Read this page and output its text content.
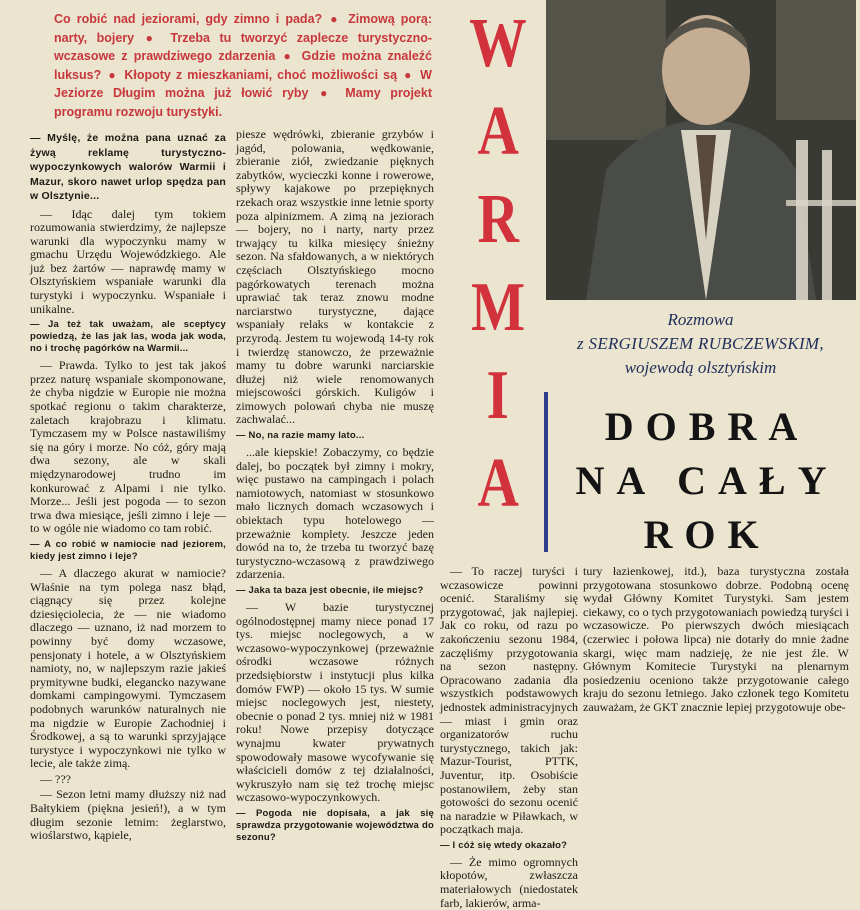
Co robić nad jeziorami, gdy zimno i pada? ● Zimową porą: narty, bojery ● Trzeba tu tworzyć zaplecze turystyczno-wczasowe z prawdziwego zdarzenia ● Gdzie można znaleźć luksus? ● Kłopoty z mieszkaniami, choć możliwości są ● W Jeziorze Długim można już łowić ryby ● Mamy projekt programu rozwoju turystyki.

W
A
R
M
I
A
Rozmowa
z SERGIUSZEM RUBCZEWSKIM,
wojewodą olsztyńskim
DOBRA
NA CAŁY
ROK

— Myślę, że można pana uznać za żywą reklamę turystyczno-wypoczynkowych walorów Warmii i Mazur, skoro nawet urlop spędza pan w Olsztynie...

— Idąc dalej tym tokiem rozumowania stwierdzimy, że najlepsze warunki dla wypoczynku mamy w gmachu Urzędu Wojewódzkiego. Ale już bez żartów — naprawdę mamy w Olsztyńskiem wspaniałe warunki dla turystyki i wypoczynku. Wspaniałe i unikalne.

— Ja też tak uważam, ale sceptycy powiedzą, że las jak las, woda jak woda, no i trochę pagórków na Warmii...

— Prawda. Tylko to jest tak jakoś przez naturę wspaniale skomponowane, że chyba nigdzie w Europie nie można spotkać regionu o takim charakterze, zaletach krajobrazu i klimatu. Tymczasem my w Polsce nastawiliśmy się na góry i morze. No cóż, góry mają dwa sezony, ale w skali międzynarodowej trudno im konkurować z Alpami i nie tylko. Morze... Jeśli jest pogoda — to sezon trwa dwa miesiące, jeśli zimno i leje — to w ogóle nie wiadomo co tam robić.

— A co robić w namiocie nad jeziorem, kiedy jest zimno i leje?

— A dlaczego akurat w namiocie? Właśnie na tym polega nasz błąd, ciągnący się przez kolejne dziesięciolecia, że — nie wiadomo dlaczego — uznano, iż nad morzem to powinny być domy wczasowe, pensjonaty i hotele, a w Olsztyńskiem namioty, no, w najlepszym razie jakieś prymitywne budki, elegancko nazywane domkami campingowymi. Tymczasem podobnych warunków naturalnych nie ma nigdzie w Europie Zachodniej i Środkowej, a są to warunki sprzyjające turystyce i wypoczynkowi nie tylko w lecie, ale także zimą.

— ???

— Sezon letni mamy dłuższy niż nad Bałtykiem (piękna jesień!), a w tym długim sezonie letnim: żeglarstwo, wioślarstwo, kąpiele,

piesze wędrówki, zbieranie grzybów i jagód, polowania, wędkowanie, zbieranie ziół, zwiedzanie pięknych zabytków, wycieczki konne i rowerowe, spływy kajakowe po przepięknych rzekach oraz wszystkie inne letnie sporty poza alpinizmem. A zimą na jeziorach — bojery, no i narty, narty przez trwający tu kilka miesięcy śnieżny sezon. Na sfałdowanych, a w niektórych częściach Olsztyńskiego mocno pagórkowatych terenach można uprawiać tak teraz znowu modne narciarstwo turystyczne, dające wspaniały relaks w kontakcie z przyrodą. Jestem tu wojewodą 14-ty rok i twierdzę stanowczo, że przeważnie mamy tu dobre warunki narciarskie dłużej niż wiele renomowanych miejscowości górskich. Kuligów i zimowych polowań chyba nie muszę zachwalać...

— No, na razie mamy lato...

...ale kiepskie! Zobaczymy, co będzie dalej, bo początek był zimny i mokry, więc pustawo na campingach i polach namiotowych, natomiast w stosunkowo mało licznych domach wczasowych i obiektach typu hotelowego — przeważnie komplety. Jeszcze jeden dowód na to, że trzeba tu tworzyć bazę turystyczno-wczasową z prawdziwego zdarzenia.

— Jaka ta baza jest obecnie, ile miejsc?

— W bazie turystycznej ogólnodostępnej mamy niece ponad 17 tys. miejsc noclegowych, a w wczasowo-wypoczynkowej (przeważnie ośrodki wczasowe różnych przedsiębiorstw i instytucji plus kilka domów FWP) — około 15 tys. W sumie miejsc noclegowych jest, niestety, obecnie o ponad 2 tys. mniej niż w 1981 roku! Nowe przepisy dotyczące wynajmu kwater prywatnych spowodowały masowe wycofywanie się właścicieli domów z tej działalności, wykruszyło nam się też trochę miejsc wczasowo-wypoczynkowych.

— Pogoda nie dopisała, a jak się sprawdza przygotowanie województwa do sezonu?

— To raczej turyści i wczasowicze powinni ocenić. Staraliśmy się przygotować, jak najlepiej. Jak co roku, od razu po zakończeniu sezonu 1984, zaczęliśmy przygotowania na sezon następny. Opracowano zadania dla wszystkich podstawowych jednostek administracyjnych — miast i gmin oraz organizatorów ruchu turystycznego, takich jak: Mazur-Tourist, PTTK, Juventur, itp. Osobiście postanowiłem, żeby stan gotowości do sezonu ocenić na naradzie w Piławkach, w początkach maja.

— I cóż się wtedy okazało?

— Że mimo ogromnych kłopotów, zwłaszcza materiałowych (niedostatek farb, lakierów, arma-

tury łazienkowej, itd.), baza turystyczna została przygotowana stosunkowo dobrze. Podobną ocenę wydał Główny Komitet Turystyki. Sam jestem ciekawy, co o tych przygotowaniach powiedzą turyści i wczasowicze. Po pierwszych dwóch miesiącach (czerwiec i połowa lipca) nie dotarły do mnie żadne skargi, więc mam nadzieję, że nie jest źle. W Głównym Komitecie Turystyki na plenarnym posiedzeniu oceniono także przygotowanie całego kraju do sezonu letniego. Jako członek tego Komitetu zauważam, że GKT znacznie lepiej przygotowuje obe-
